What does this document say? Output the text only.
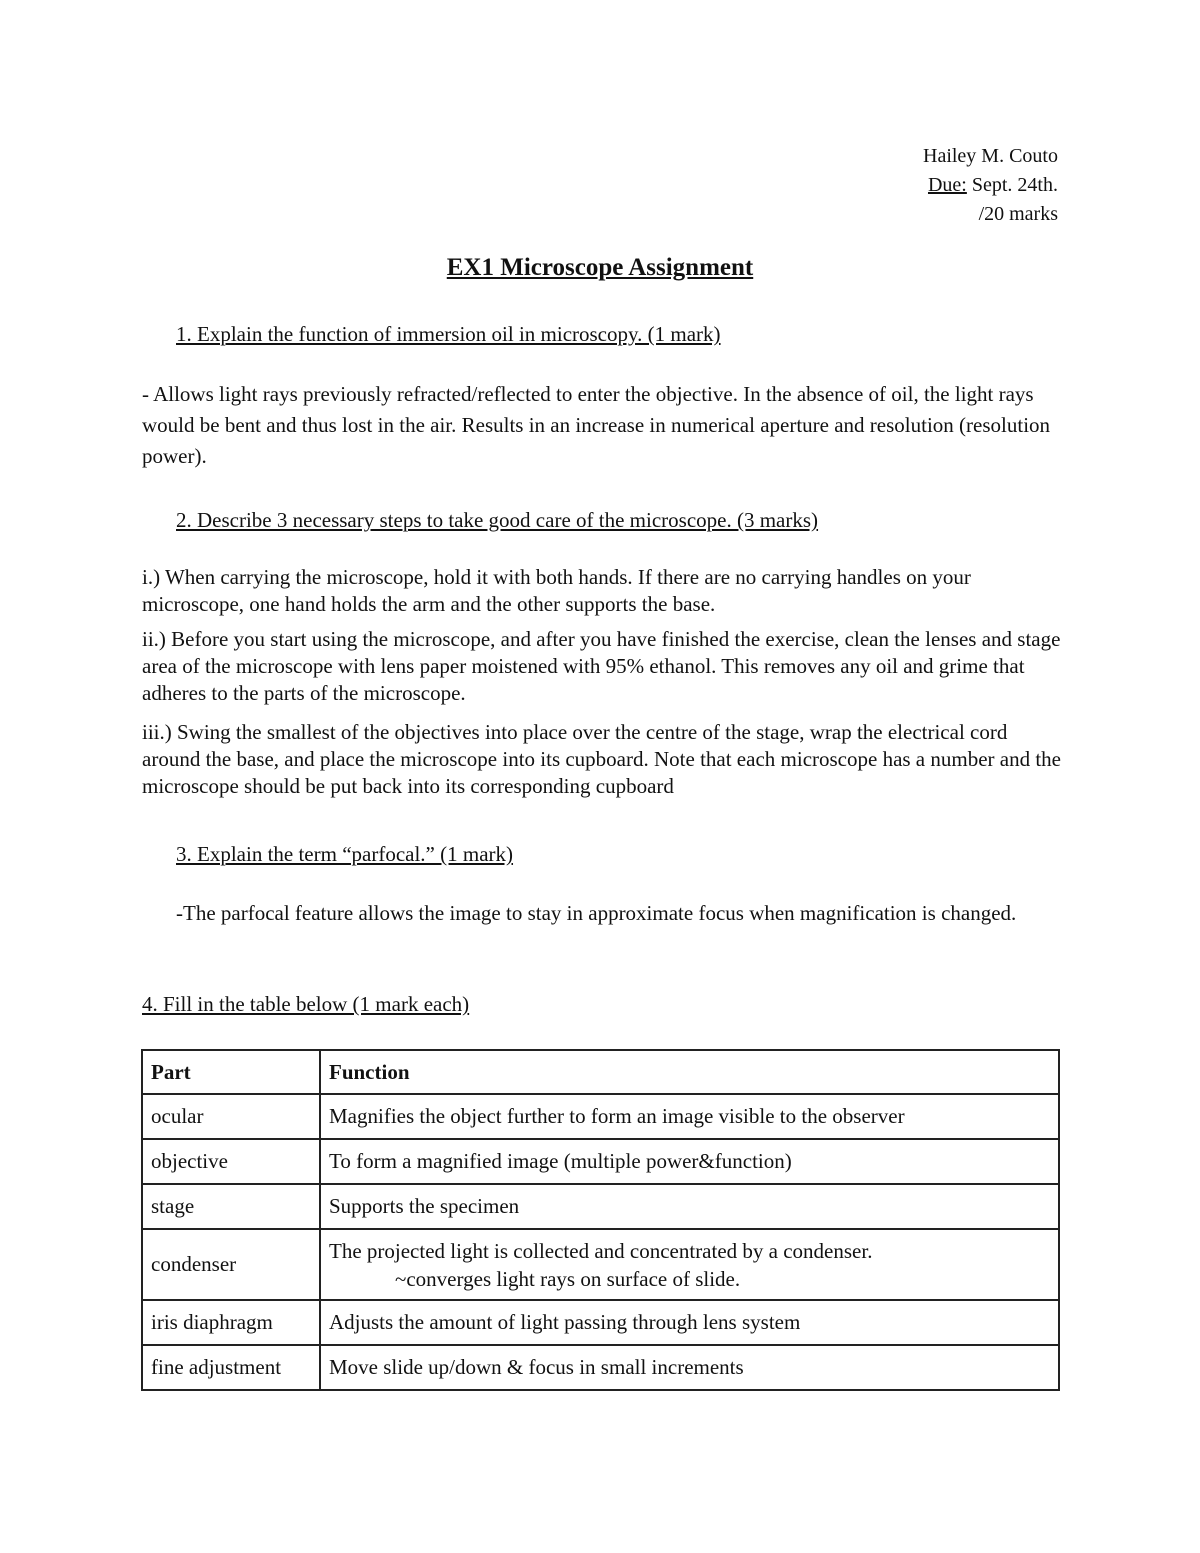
Hailey M. Couto
Due: Sept. 24th.
/20 marks
EX1 Microscope Assignment
1. Explain the function of immersion oil in microscopy. (1 mark)
- Allows light rays previously refracted/reflected to enter the objective. In the absence of oil, the light rays would be bent and thus lost in the air. Results in an increase in numerical aperture and resolution (resolution power).
2. Describe 3 necessary steps to take good care of the microscope. (3 marks)
i.) When carrying the microscope, hold it with both hands. If there are no carrying handles on your microscope, one hand holds the arm and the other supports the base.
ii.) Before you start using the microscope, and after you have finished the exercise, clean the lenses and stage area of the microscope with lens paper moistened with 95% ethanol. This removes any oil and grime that adheres to the parts of the microscope.
iii.) Swing the smallest of the objectives into place over the centre of the stage, wrap the electrical cord around the base, and place the microscope into its cupboard. Note that each microscope has a number and the microscope should be put back into its corresponding cupboard
3. Explain the term “parfocal.” (1 mark)
-The parfocal feature allows the image to stay in approximate focus when magnification is changed.
4. Fill in the table below (1 mark each)
Part	Function
ocular	Magnifies the object further to form an image visible to the observer
objective	To form a magnified image (multiple power&function)
stage	Supports the specimen
condenser	The projected light is collected and concentrated by a condenser.

~converges light rays on surface of slide.

iris diaphragm	Adjusts the amount of light passing through lens system
fine adjustment	Move slide up/down & focus in small increments
